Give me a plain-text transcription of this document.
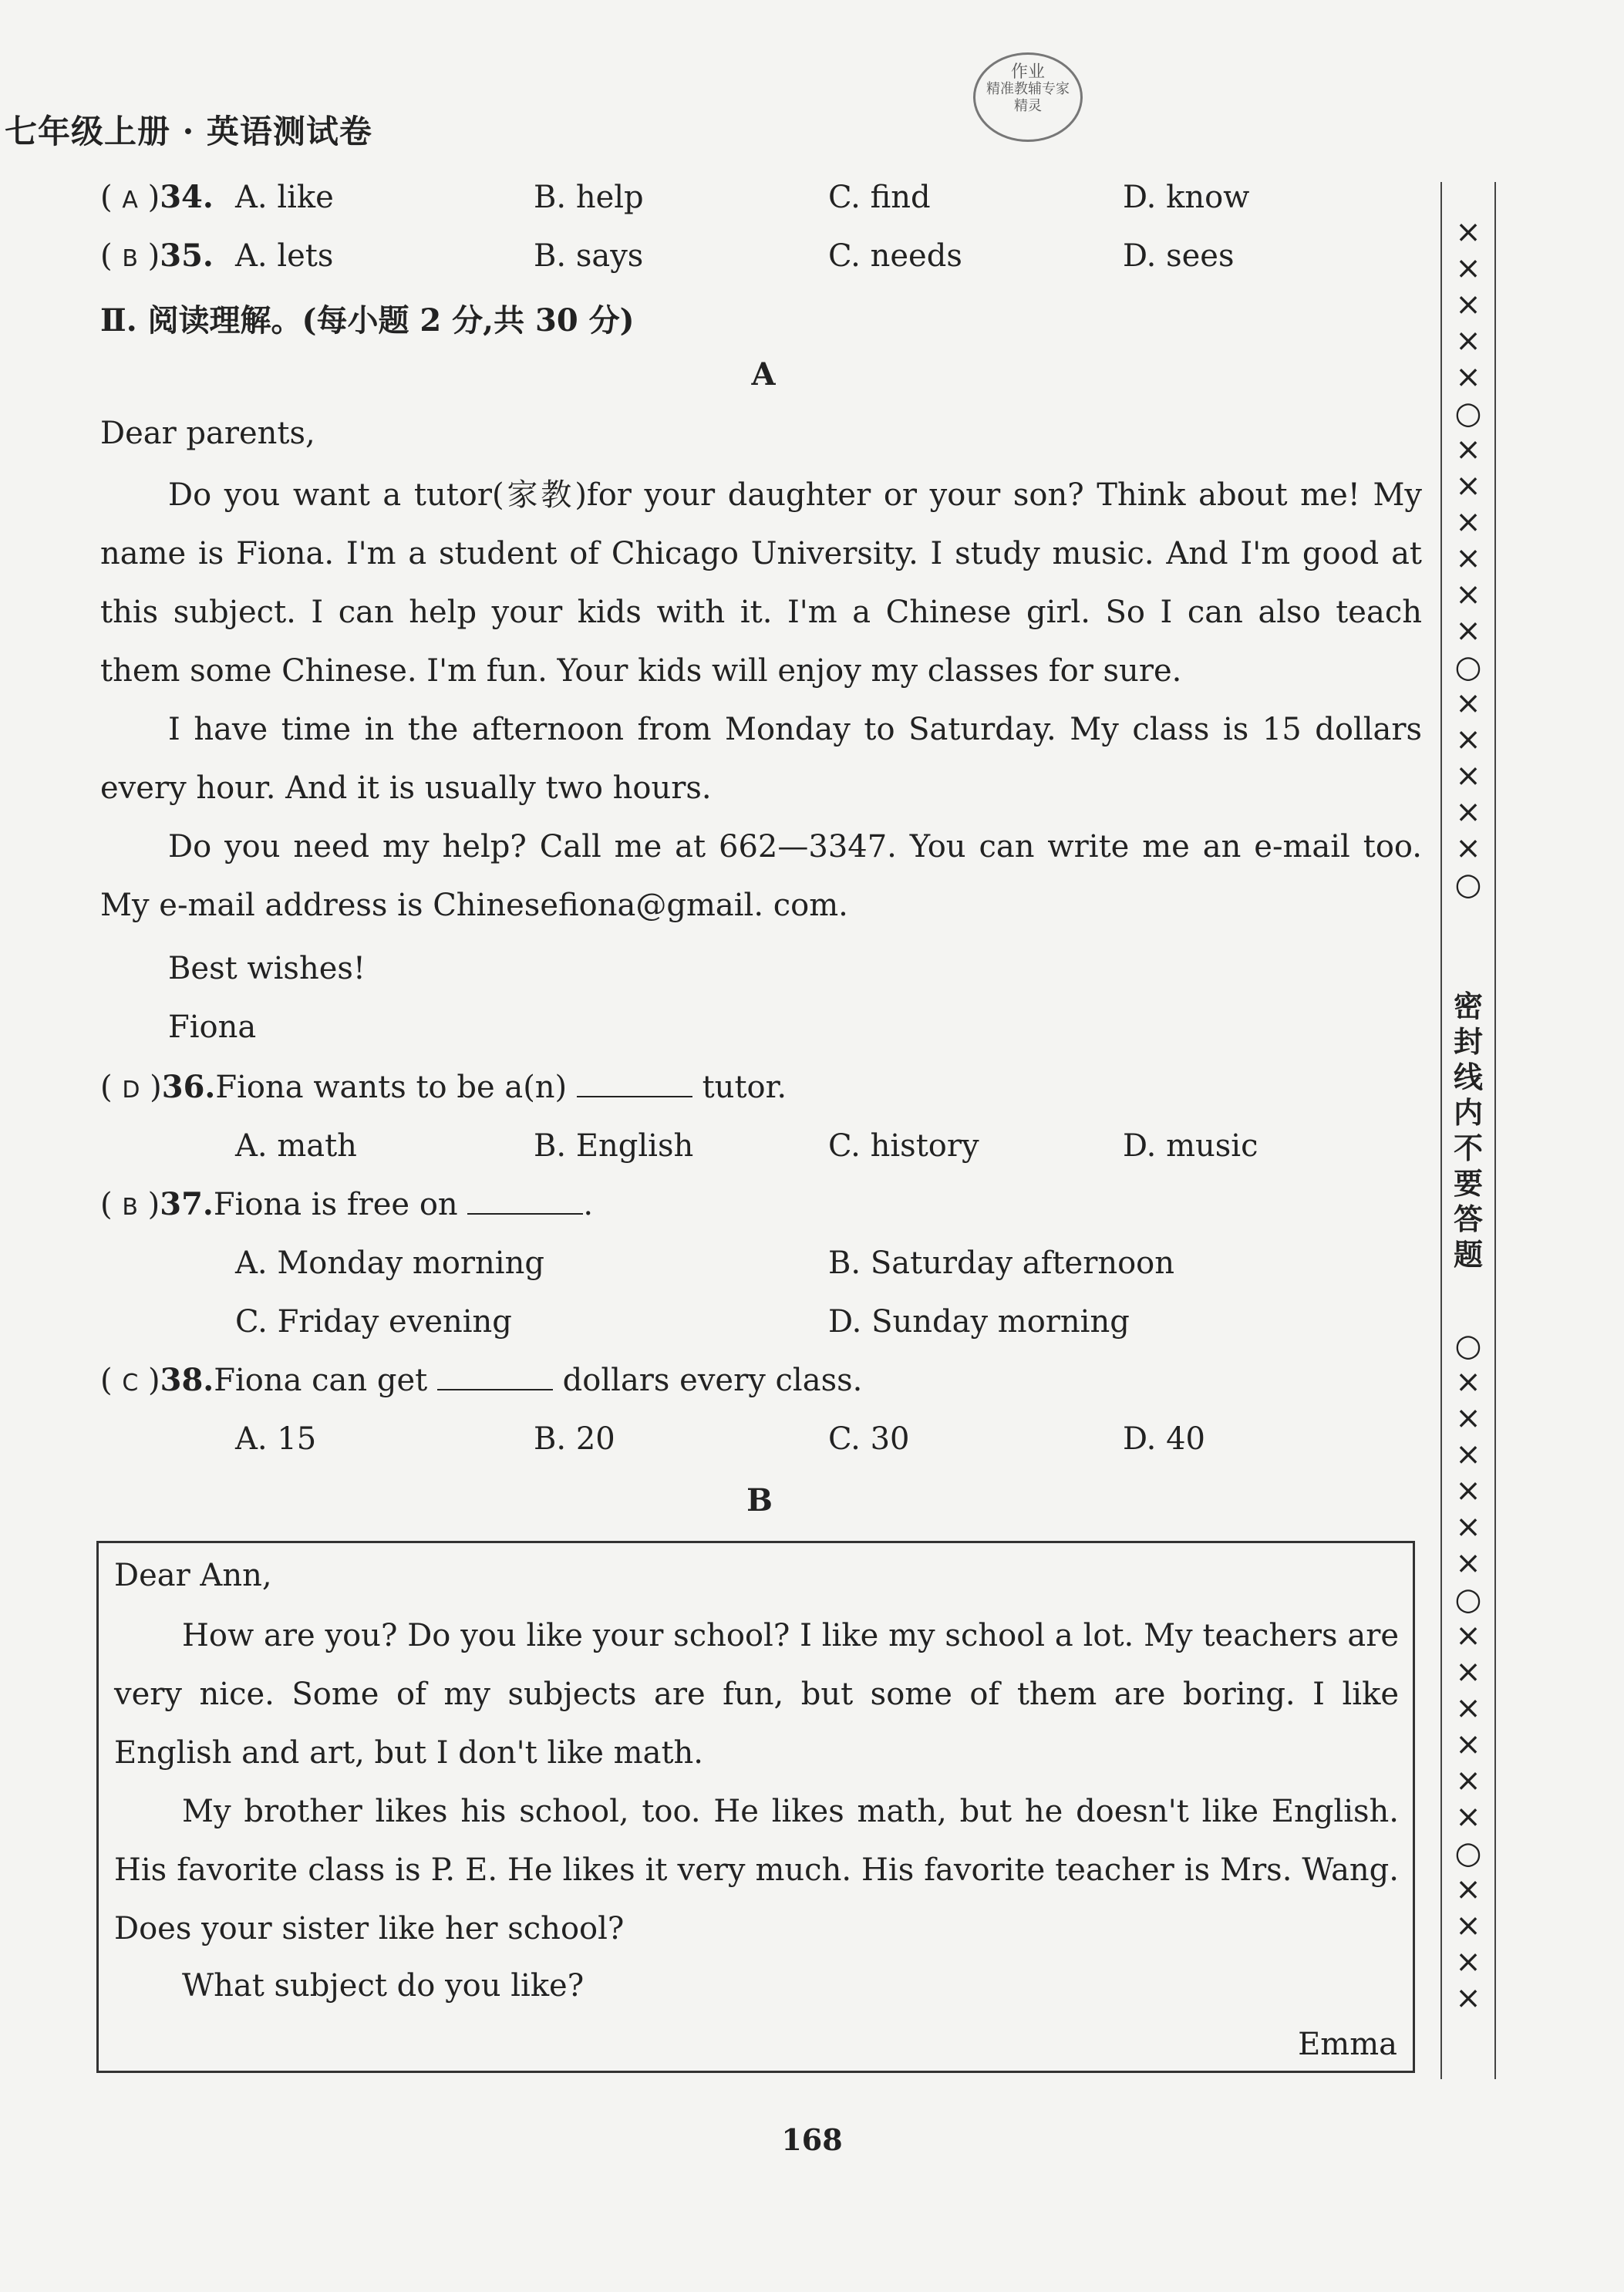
七年级上册 · 英语测试卷
作业
精准教辅专家
精灵
( A )34. A. like	B. help	C. find	D. know
( B )35. A. lets	B. says	C. needs	D. sees
Ⅱ. 阅读理解。(每小题 2 分,共 30 分)
A
Dear parents,
Do you want a tutor(家教)for your daughter or your son? Think about me! My name is Fiona. I'm a student of Chicago University. I study music. And I'm good at this subject. I can help your kids with it. I'm a Chinese girl. So I can also teach them some Chinese. I'm fun. Your kids will enjoy my classes for sure.
I have time in the afternoon from Monday to Saturday. My class is 15 dollars every hour. And it is usually two hours.
Do you need my help? Call me at 662—3347. You can write me an e-mail too. My e-mail address is Chinesefiona@gmail. com.
Best wishes!
Fiona
( D )36.Fiona wants to be a(n)	tutor.
A. math	B. English	C. history	D. music
( B )37.Fiona is free on	.
A. Monday morning	B. Saturday afternoon
C. Friday evening	D. Sunday morning
( C )38.Fiona can get	dollars every class.
A. 15	B. 20	C. 30	D. 40
B
Dear Ann,
How are you? Do you like your school? I like my school a lot. My teachers are very nice. Some of my subjects are fun, but some of them are boring. I like English and art, but I don't like math.
My brother likes his school, too. He likes math, but he doesn't like English. His favorite class is P. E. He likes it very much. His favorite teacher is Mrs. Wang. Does your sister like her school?
What subject do you like?
Emma
×
×
×
×
×
○
×
×
×
×
×
×
○
×
×
×
×
×
○
密封线内不要答题
○
×
×
×
×
×
×
○
×
×
×
×
×
×
○
×
×
×
×
168
